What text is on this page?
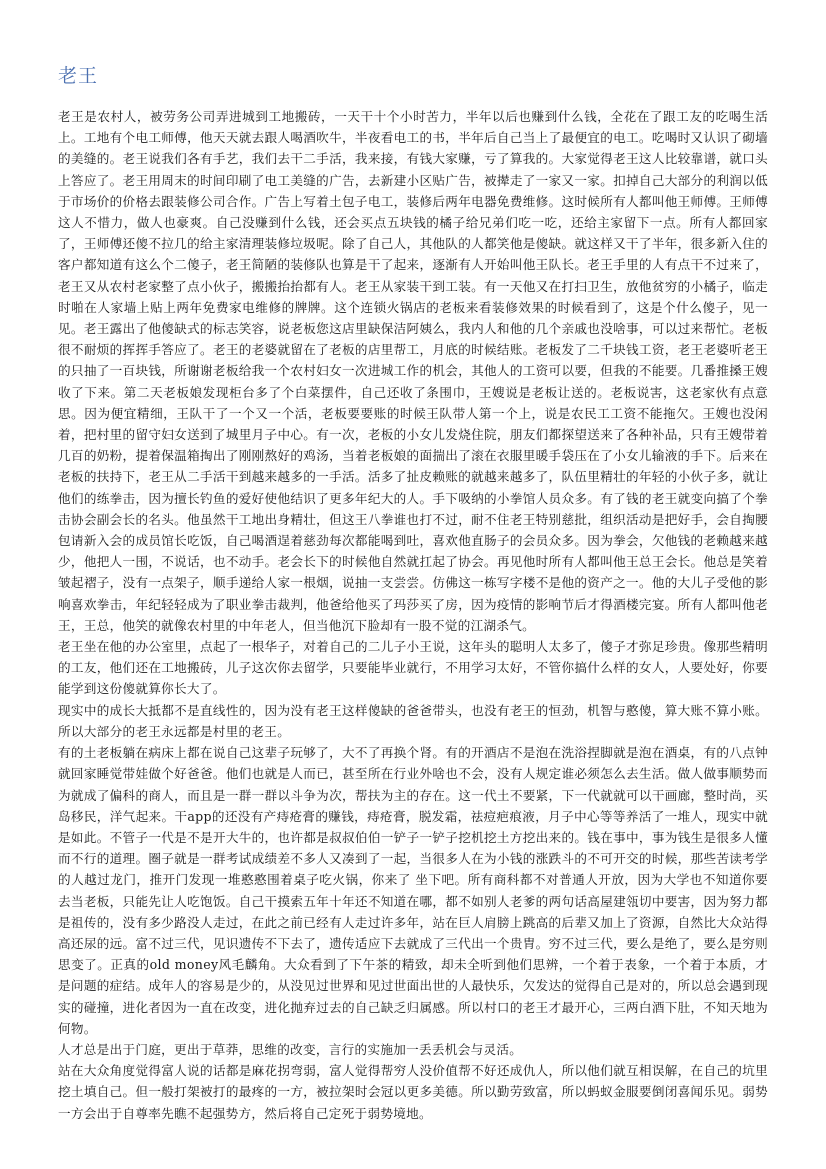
老王

老王是农村人，被劳务公司弄进城到工地搬砖，一天干十个小时苦力，半年以后也赚到什么钱，全花在了跟工友的吃喝生活上。工地有个电工师傅，他天天就去跟人喝酒吹牛，半夜看电工的书，半年后自己当上了最便宜的电工。吃喝时又认识了砌墙的美缝的。老王说我们各有手艺，我们去干二手活，我来接，有钱大家赚，亏了算我的。大家觉得老王这人比较靠谱，就口头上答应了。老王用周末的时间印刷了电工美缝的广告，去新建小区贴广告，被撵走了一家又一家。扣掉自己大部分的利润以低于市场价的价格去跟装修公司合作。广告上写着土包子电工，装修后两年电器免费维修。这时候所有人都叫他王师傅。王师傅这人不惜力，做人也豪爽。自己没赚到什么钱，还会买点五块钱的橘子给兄弟们吃一吃，还给主家留下一点。所有人都回家了，王师傅还傻不拉几的给主家清理装修垃圾呢。除了自己人，其他队的人都笑他是傻缺。就这样又干了半年，很多新入住的客户都知道有这么个二傻子，老王简陋的装修队也算是干了起来，逐渐有人开始叫他王队长。老王手里的人有点干不过来了，老王又从农村老家整了点小伙子，搬搬抬抬都有人。老王从家装干到工装。有一天他又在打扫卫生，放他贫穷的小橘子，临走时啪在人家墙上贴上两年免费家电维修的牌牌。这个连锁火锅店的老板来看装修效果的时候看到了，这是个什么傻子，见一见。老王露出了他傻缺式的标志笑容，说老板您这店里缺保洁阿姨么，我内人和他的几个亲戚也没啥事，可以过来帮忙。老板很不耐烦的挥挥手答应了。老王的老婆就留在了老板的店里帮工，月底的时候结账。老板发了二千块钱工资，老王老婆听老王的只抽了一百块钱，所谢谢老板给我一个农村妇女一次进城工作的机会，其他人的工资可以要，但我的不能要。几番推搡王嫂收了下来。第二天老板娘发现柜台多了个白菜摆件，自己还收了条围巾，王嫂说是老板让送的。老板说害，这老家伙有点意思。因为便宜精细，王队干了一个又一个活，老板要要账的时候王队带人第一个上，说是农民工工资不能拖欠。王嫂也没闲着，把村里的留守妇女送到了城里月子中心。有一次，老板的小女儿发烧住院，朋友们都探望送来了各种补品，只有王嫂带着几百的奶粉，提着保温箱掏出了刚刚熬好的鸡汤，当着老板娘的面揣出了滚在衣服里暖手袋压在了小女儿输液的手下。后来在老板的扶持下，老王从二手活干到越来越多的一手活。活多了扯皮赖账的就越来越多了，队伍里精壮的年轻的小伙子多，就让他们的练拳击，因为擅长钓鱼的爱好使他结识了更多年纪大的人。手下吸纳的小拳馆人员众多。有了钱的老王就变向搞了个拳击协会副会长的名头。他虽然干工地出身精壮，但这王八拳谁也打不过，耐不住老王特别慈批，组织活动是把好手，会自掏腰包请新入会的成员馆长吃饭，自己喝酒逞着慈劲每次都能喝到吐，喜欢他直肠子的会员众多。因为拳会，欠他钱的老赖越来越少，他把人一围，不说话，也不动手。老会长下的时候他自然就扛起了协会。再见他时所有人都叫他王总王会长。他总是笑着皱起褶子，没有一点架子，顺手递给人家一根烟，说抽一支尝尝。仿佛这一栋写字楼不是他的资产之一。他的大儿子受他的影响喜欢拳击，年纪轻轻成为了职业拳击裁判，他爸给他买了玛莎买了房，因为疫情的影响节后才得酒楼完宴。所有人都叫他老王，王总，他笑的就像农村里的中年老人，但当他沉下脸却有一股不觉的江湖杀气。

老王坐在他的办公室里，点起了一根华子，对着自己的二儿子小王说，这年头的聪明人太多了，傻子才弥足珍贵。像那些精明的工友，他们还在工地搬砖，儿子这次你去留学，只要能毕业就行，不用学习太好，不管你搞什么样的女人，人要处好，你要能学到这份傻就算你长大了。

现实中的成长大抵都不是直线性的，因为没有老王这样傻缺的爸爸带头，也没有老王的恒劲，机智与憨傻，算大账不算小账。所以大部分的老王永远都是村里的老王。

有的土老板躺在病床上都在说自己这辈子玩够了，大不了再换个肾。有的开酒店不是泡在洗浴捏脚就是泡在酒桌，有的八点钟就回家睡觉带娃做个好爸爸。他们也就是人而已，甚至所在行业外啥也不会，没有人规定谁必须怎么去生活。做人做事顺势而为就成了偏科的商人，而且是一群一群以斗争为次，帮扶为主的存在。这一代土不要紧，下一代就就可以干画廊，整时尚，买岛移民，洋气起来。干app的还没有产痔疮膏的赚钱，痔疮膏，脱发霜，祛痘疤痕液，月子中心等等养活了一堆人，现实中就是如此。不管子一代是不是开大牛的，也许都是叔叔伯伯一铲子一铲子挖机挖土方挖出来的。钱在事中，事为钱生是很多人懂而不行的道理。圈子就是一群考试成绩差不多人又凑到了一起，当很多人在为小钱的涨跌斗的不可开交的时候，那些苦读考学的人越过龙门，推开门发现一堆憨憨围着桌子吃火锅，你来了 坐下吧。所有商科都不对普通人开放，因为大学也不知道你要去当老板，只能先让人吃饱饭。自己干摸索五年十年还不知道在哪，都不如别人老爹的两句话高屋建瓴切中要害，因为努力都是祖传的，没有多少路没人走过，在此之前已经有人走过许多年，站在巨人肩膀上跳高的后辈又加上了资源，自然比大众站得高还尿的远。富不过三代，见识遗传不下去了，遗传适应下去就成了三代出一个贵胄。穷不过三代，要么是绝了，要么是穷则思变了。正真的old money风毛麟角。大众看到了下午茶的精致，却未全听到他们思辨，一个着于表象，一个着于本质，才是问题的症结。成年人的容易是少的，从没见过世界和见过世面出世的人最快乐，欠发达的觉得自己是对的，所以总会遇到现实的碰撞，进化者因为一直在改变，进化抛弃过去的自己缺乏归属感。所以村口的老王才最开心，三两白酒下肚，不知天地为何物。

人才总是出于门庭，更出于草莽，思维的改变，言行的实施加一丢丢机会与灵活。

站在大众角度觉得富人说的话都是麻花拐弯弱，富人觉得帮穷人没价值帮不好还成仇人，所以他们就互相误解，在自己的坑里挖土填自己。但一般打架被打的最疼的一方，被拉架时会冠以更多美德。所以勤劳致富，所以蚂蚁金服要倒闭喜闻乐见。弱势一方会出于自尊率先瞧不起强势方，然后将自己定死于弱势境地。
